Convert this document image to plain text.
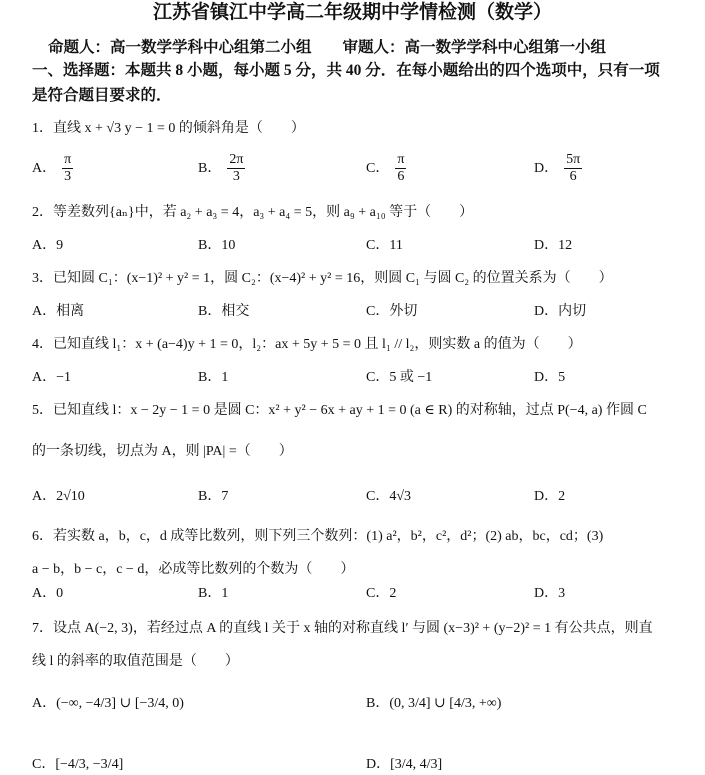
江苏省镇江中学高二年级期中学情检测（数学）
命题人：高一数学学科中心组第二小组　　审题人：高一数学学科中心组第一小组
一、选择题：本题共 8 小题，每小题 5 分，共 40 分．在每小题给出的四个选项中，只有一项
是符合题目要求的．
1．直线 x + √3 y − 1 = 0 的倾斜角是（　　）
A． $\frac{\pi}{3}$	B． $\frac{2\pi}{3}$	C． $\frac{\pi}{6}$	D． $\frac{5\pi}{6}$
2．等差数列{aₙ}中，若 a₂ + a₃ = 4，a₃ + a₄ = 5，则 a₉ + a₁₀ 等于（　　）
A．9	B．10	C．11	D．12
3．已知圆 C₁：(x−1)² + y² = 1，圆 C₂：(x−4)² + y² = 16，则圆 C₁ 与圆 C₂ 的位置关系为（　　）
A．相离	B．相交	C．外切	D．内切
4．已知直线 l₁：x + (a−4)y + 1 = 0，l₂：ax + 5y + 5 = 0 且 l₁ // l₂，则实数 a 的值为（　　）
A．−1	B．1	C．5 或 −1	D．5
5．已知直线 l：x − 2y − 1 = 0 是圆 C：x² + y² − 6x + ay + 1 = 0 (a ∈ R) 的对称轴，过点 P(−4, a) 作圆 C
的一条切线，切点为 A，则 |PA| =（　　）
A．2√10	B．7	C．4√3	D．2
6．若实数 a，b，c，d 成等比数列，则下列三个数列：(1) a²，b²，c²，d²；(2) ab，bc，cd；(3)
a − b，b − c，c − d，必成等比数列的个数为（　　）
A．0	B．1	C．2	D．3
7．设点 A(−2, 3)，若经过点 A 的直线 l 关于 x 轴的对称直线 l′ 与圆 (x−3)² + (y−2)² = 1 有公共点，则直
线 l 的斜率的取值范围是（　　）
A．(−∞, −4/3] ∪ [−3/4, 0)	B．(0, 3/4] ∪ [4/3, +∞)
C．[−4/3, −3/4]	D．[3/4, 4/3]
